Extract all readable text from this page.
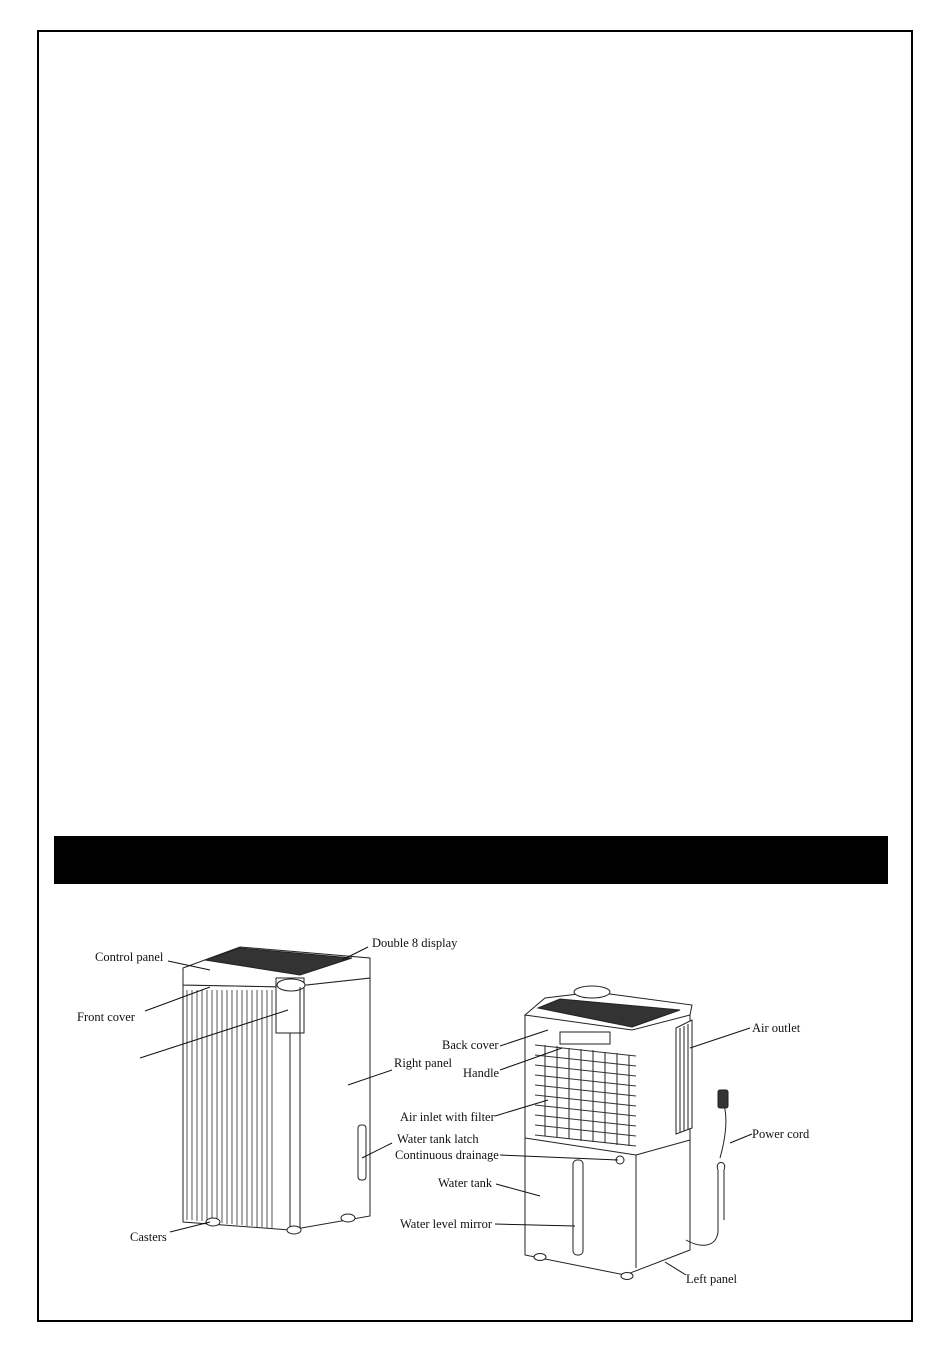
Double 8 display
Control panel
Front cover
Right panel
Water tank latch
Casters
Air outlet
Back cover
Handle
Air inlet with filter
Power cord
Continuous drainage
Water tank
Water level mirror
Left panel
